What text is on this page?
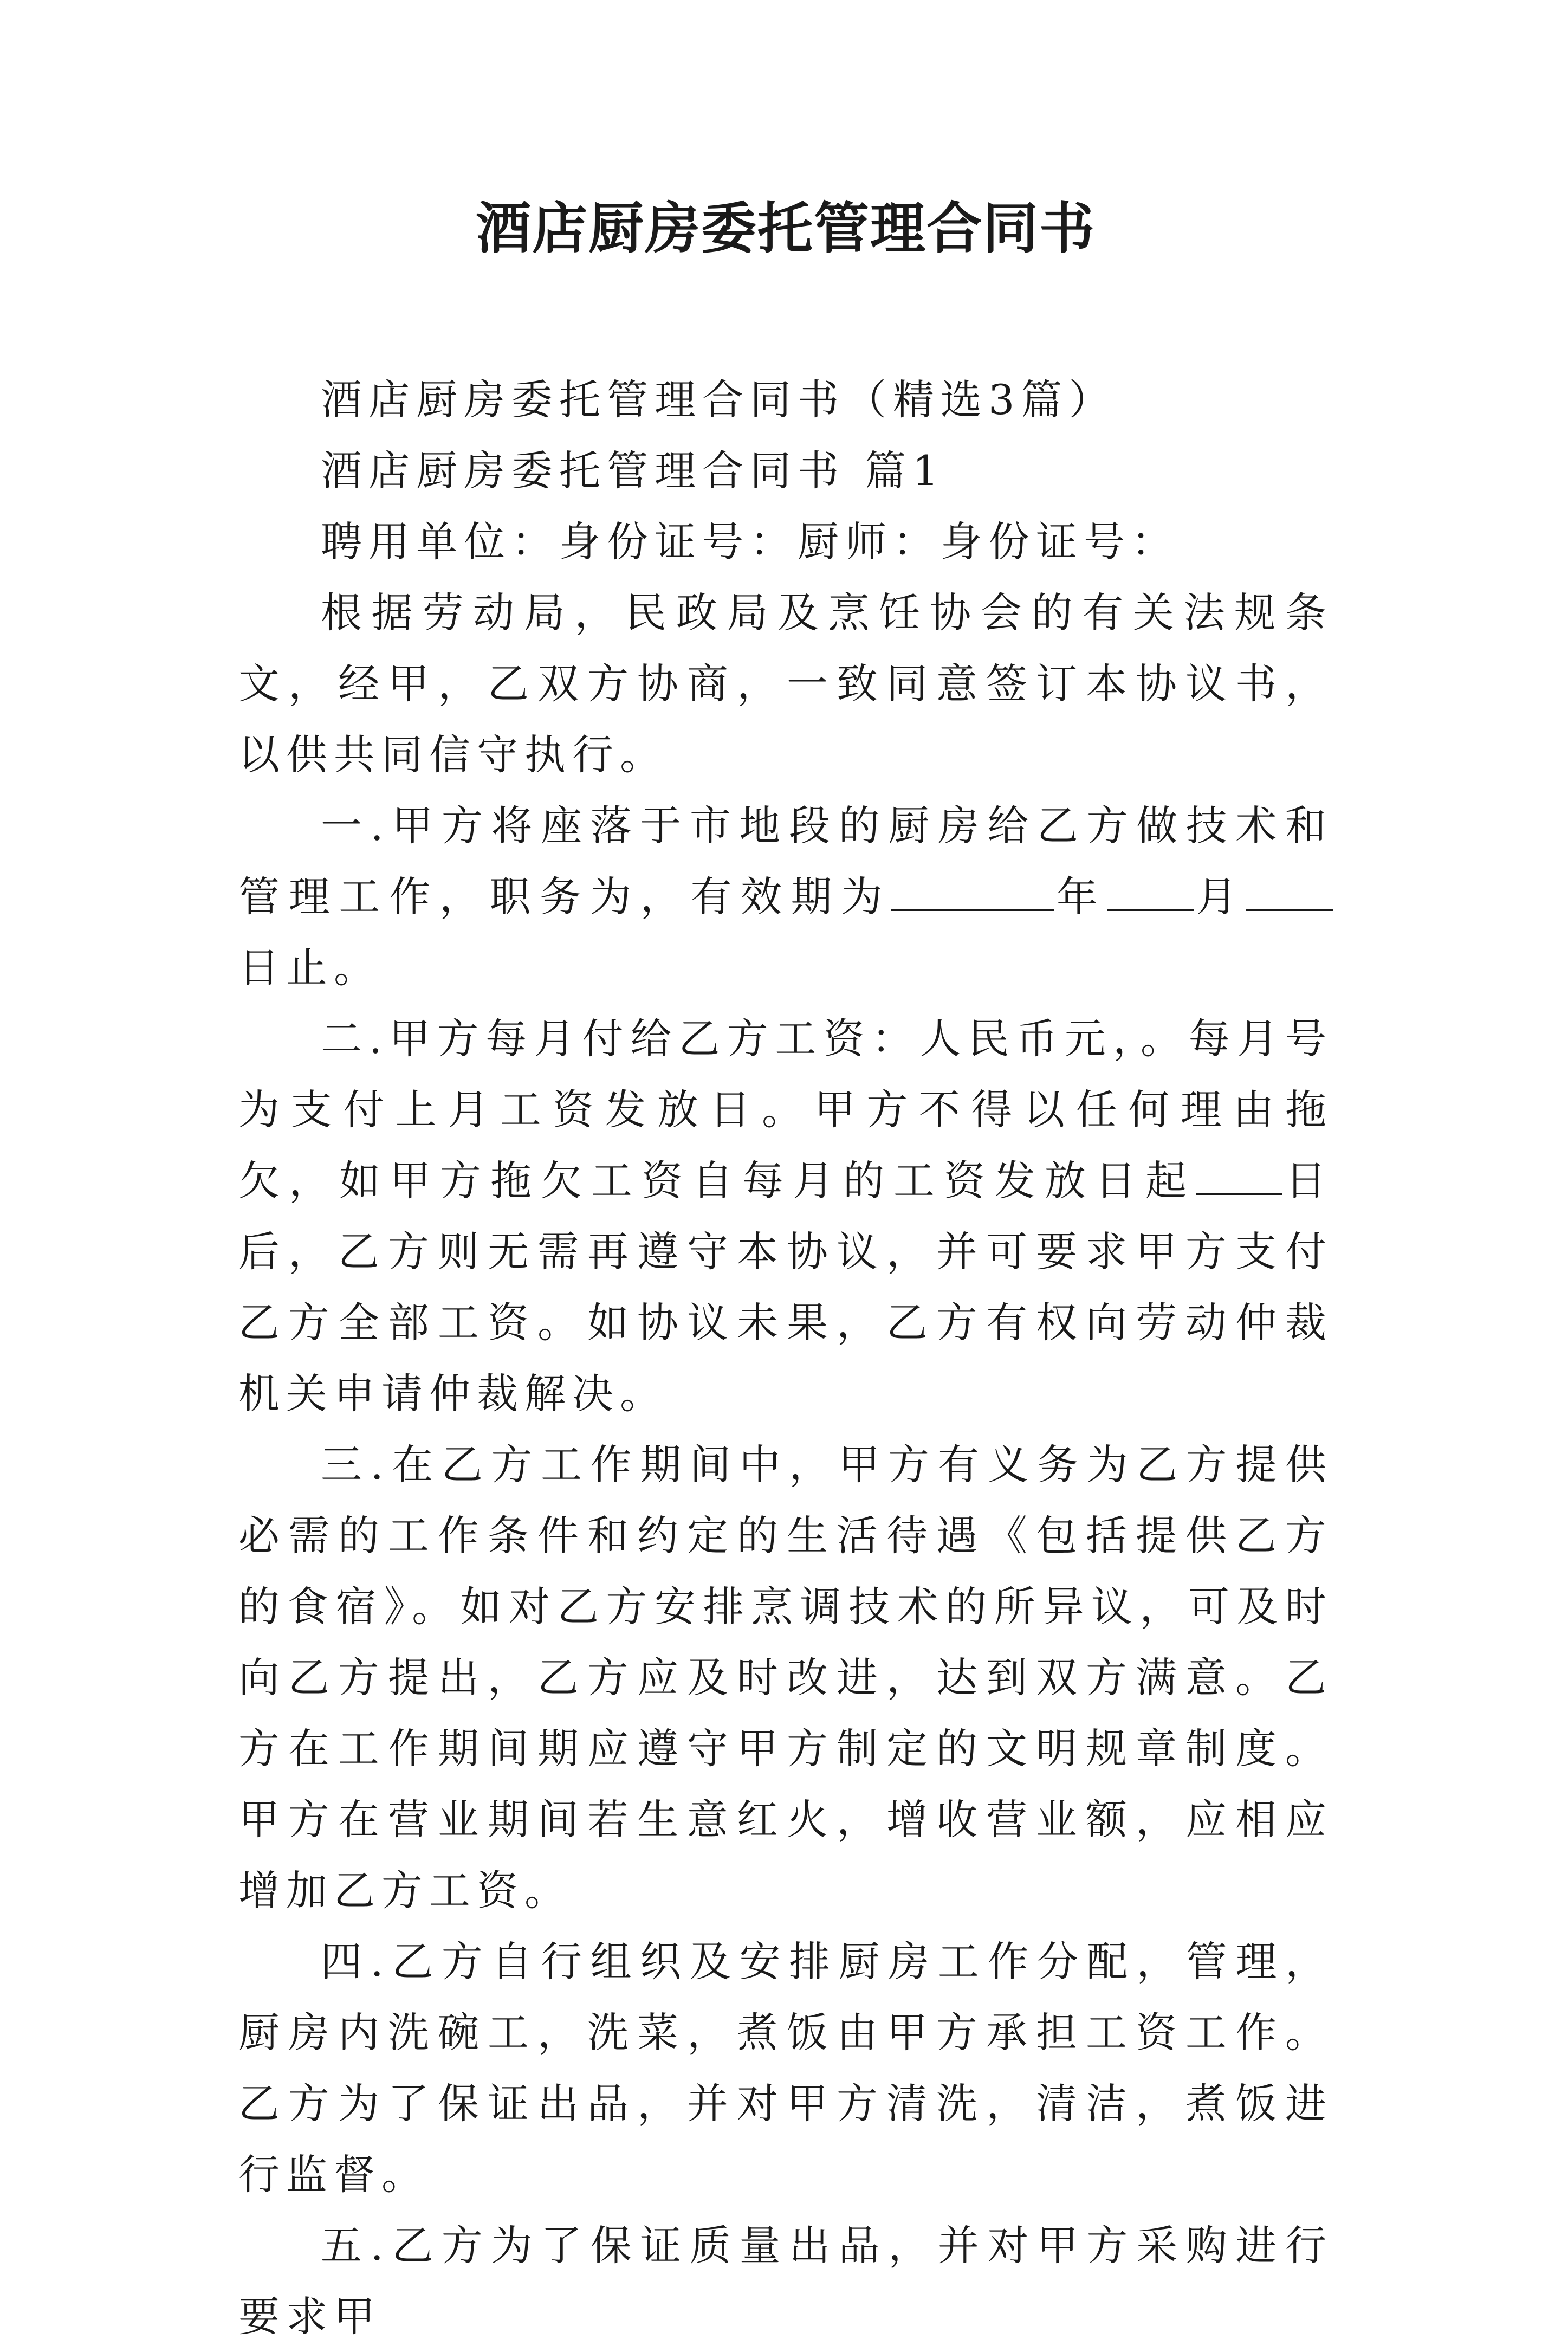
酒店厨房委托管理合同书

酒店厨房委托管理合同书（精选3篇）

酒店厨房委托管理合同书 篇1

聘用单位：身份证号：厨师：身份证号：

根据劳动局，民政局及烹饪协会的有关法规条文，经甲，乙双方协商，一致同意签订本协议书，以供共同信守执行。

一.甲方将座落于市地段的厨房给乙方做技术和管理工作，职务为，有效期为	年 月日止。

二.甲方每月付给乙方工资：人民币元，。每月号为支付上月工资发放日。甲方不得以任何理由拖欠，如甲方拖欠工资自每月的工资发放日起 日后，乙方则无需再遵守本协议，并可要求甲方支付乙方全部工资。如协议未果，乙方有权向劳动仲裁机关申请仲裁解决。

三.在乙方工作期间中，甲方有义务为乙方提供必需的工作条件和约定的生活待遇《包括提供乙方的食宿》。如对乙方安排烹调技术的所异议，可及时向乙方提出，乙方应及时改进，达到双方满意。乙方在工作期间期应遵守甲方制定的文明规章制度。甲方在营业期间若生意红火，增收营业额，应相应增加乙方工资。

四.乙方自行组织及安排厨房工作分配，管理，厨房内洗碗工，洗菜，煮饭由甲方承担工资工作。乙方为了保证出品，并对甲方清洗，清洁，煮饭进行监督。

五.乙方为了保证质量出品，并对甲方采购进行要求甲
